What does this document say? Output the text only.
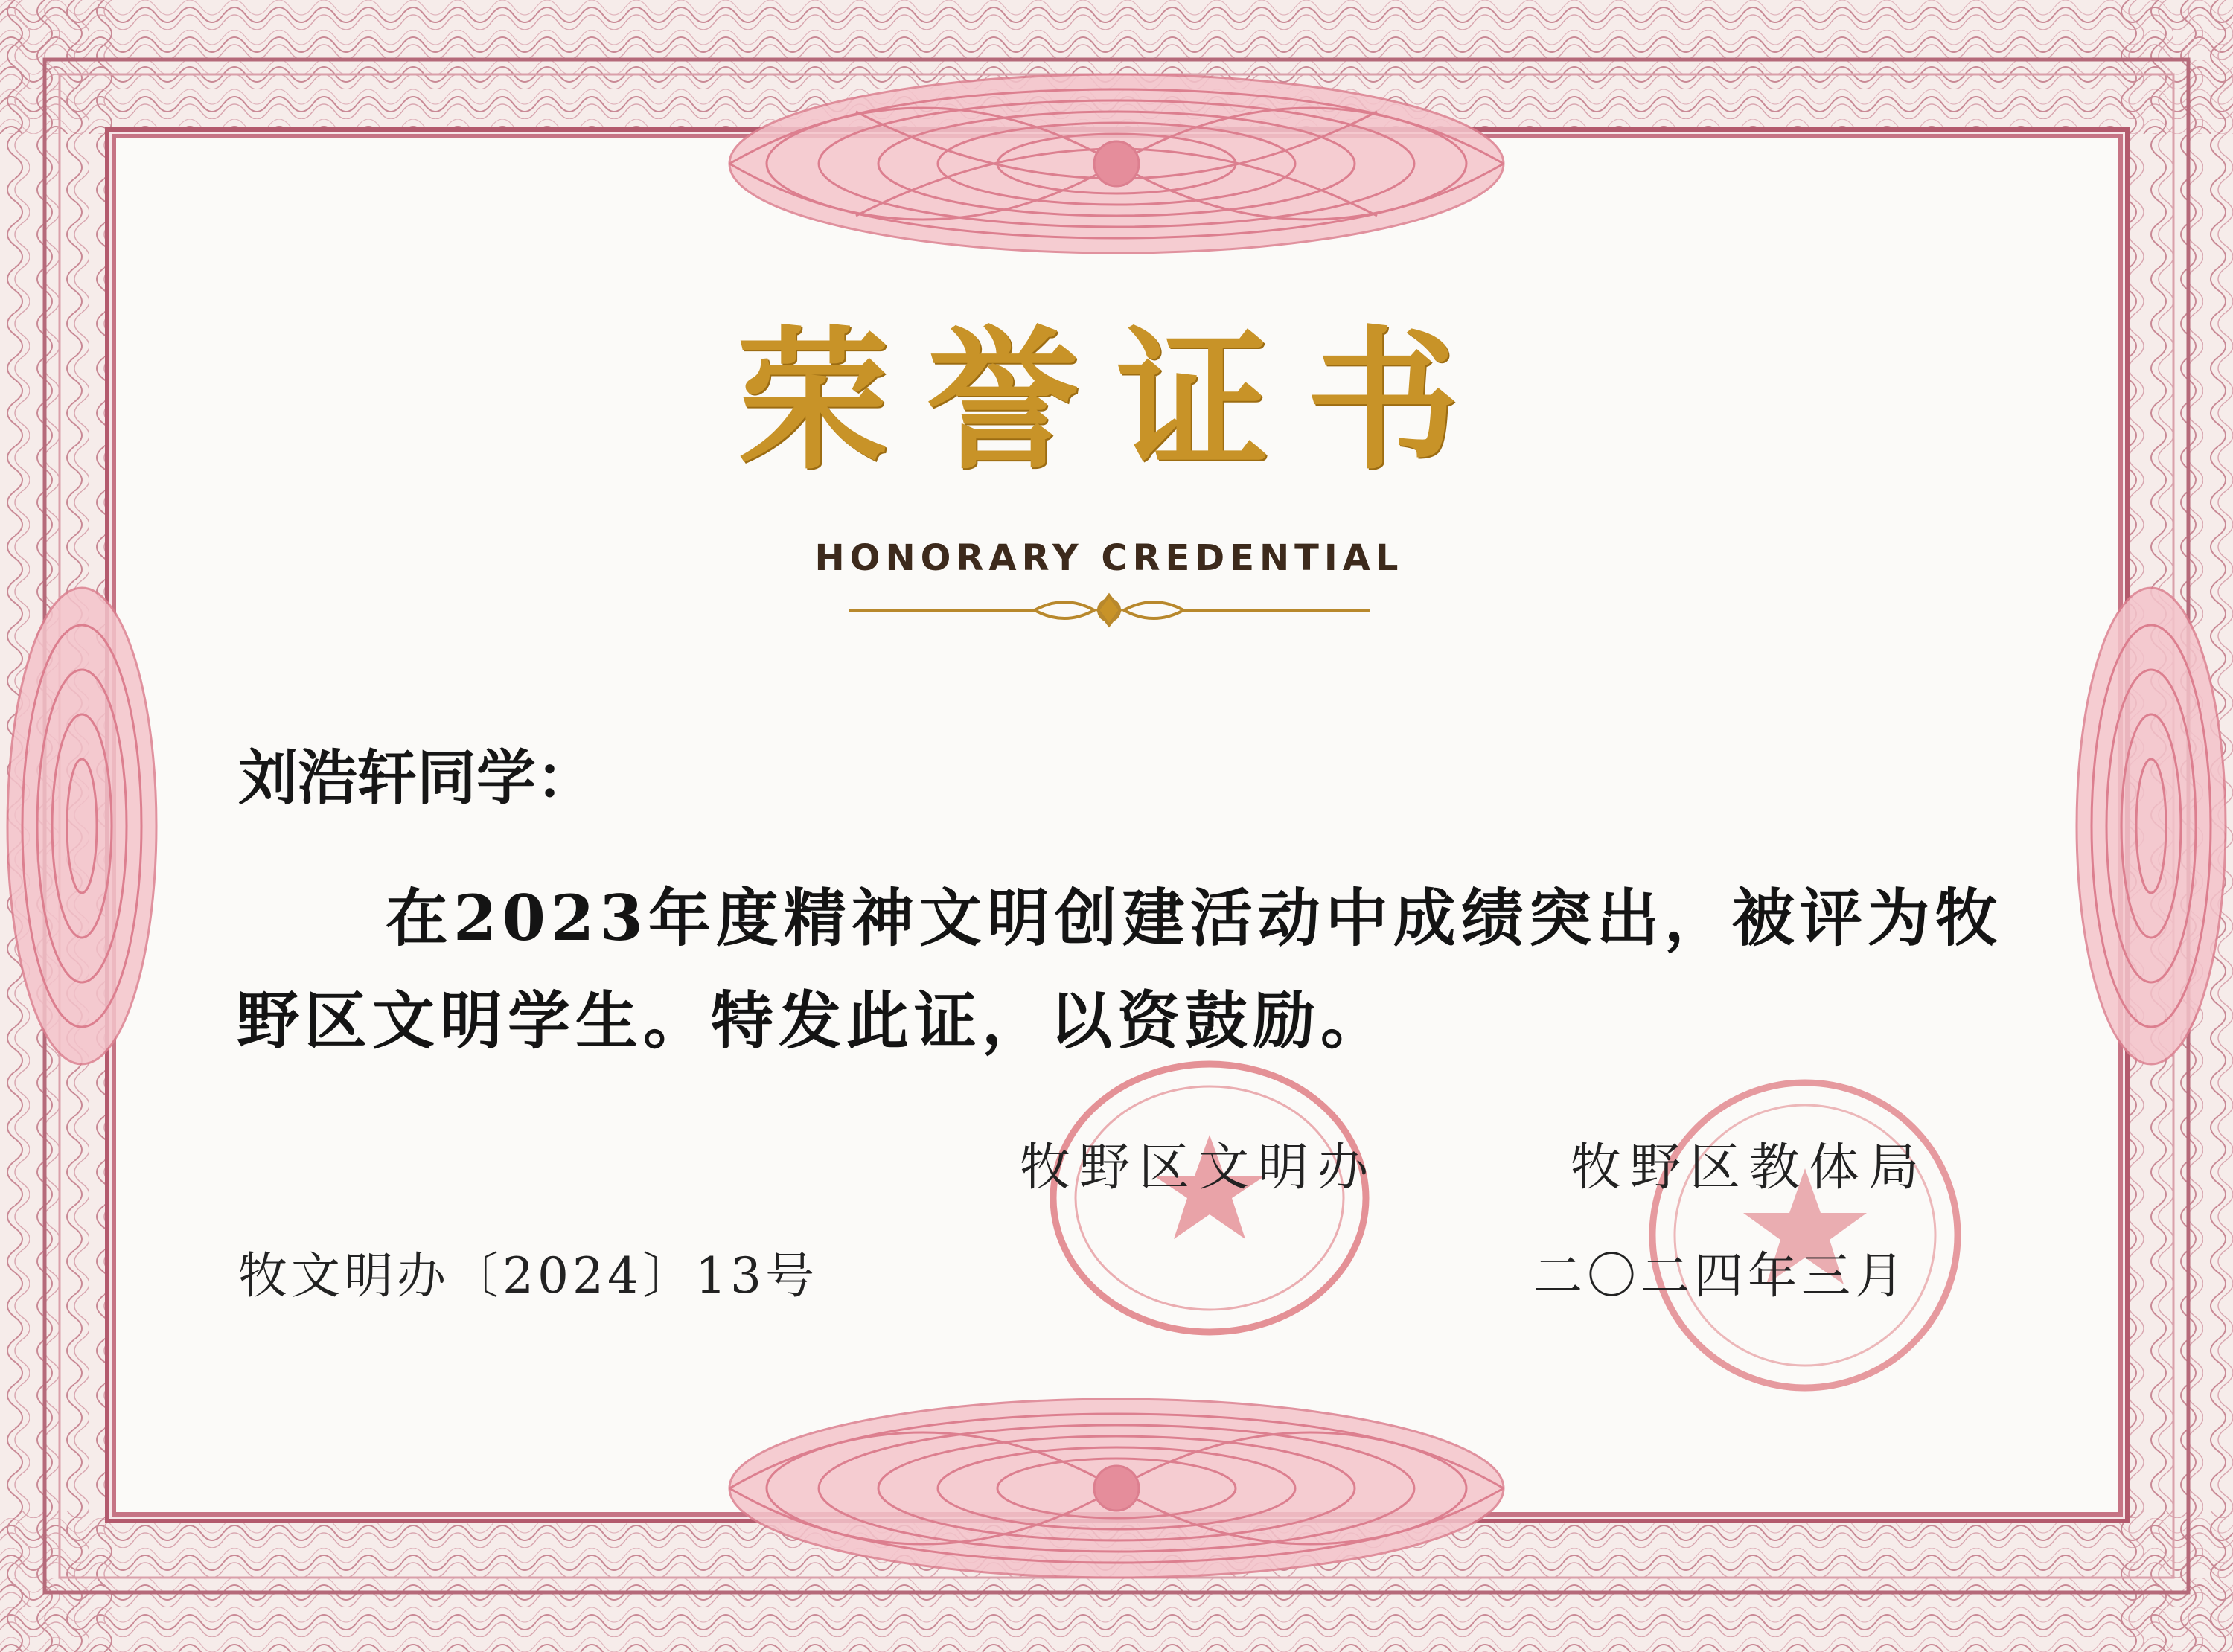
荣誉证书
HONORARY CREDENTIAL
刘浩轩同学：
在2023年度精神文明创建活动中成绩突出，被评为牧野区文明学生。特发此证，以资鼓励。
牧野区文明办	牧野区教体局
牧文明办〔2024〕13号	二〇二四年三月
